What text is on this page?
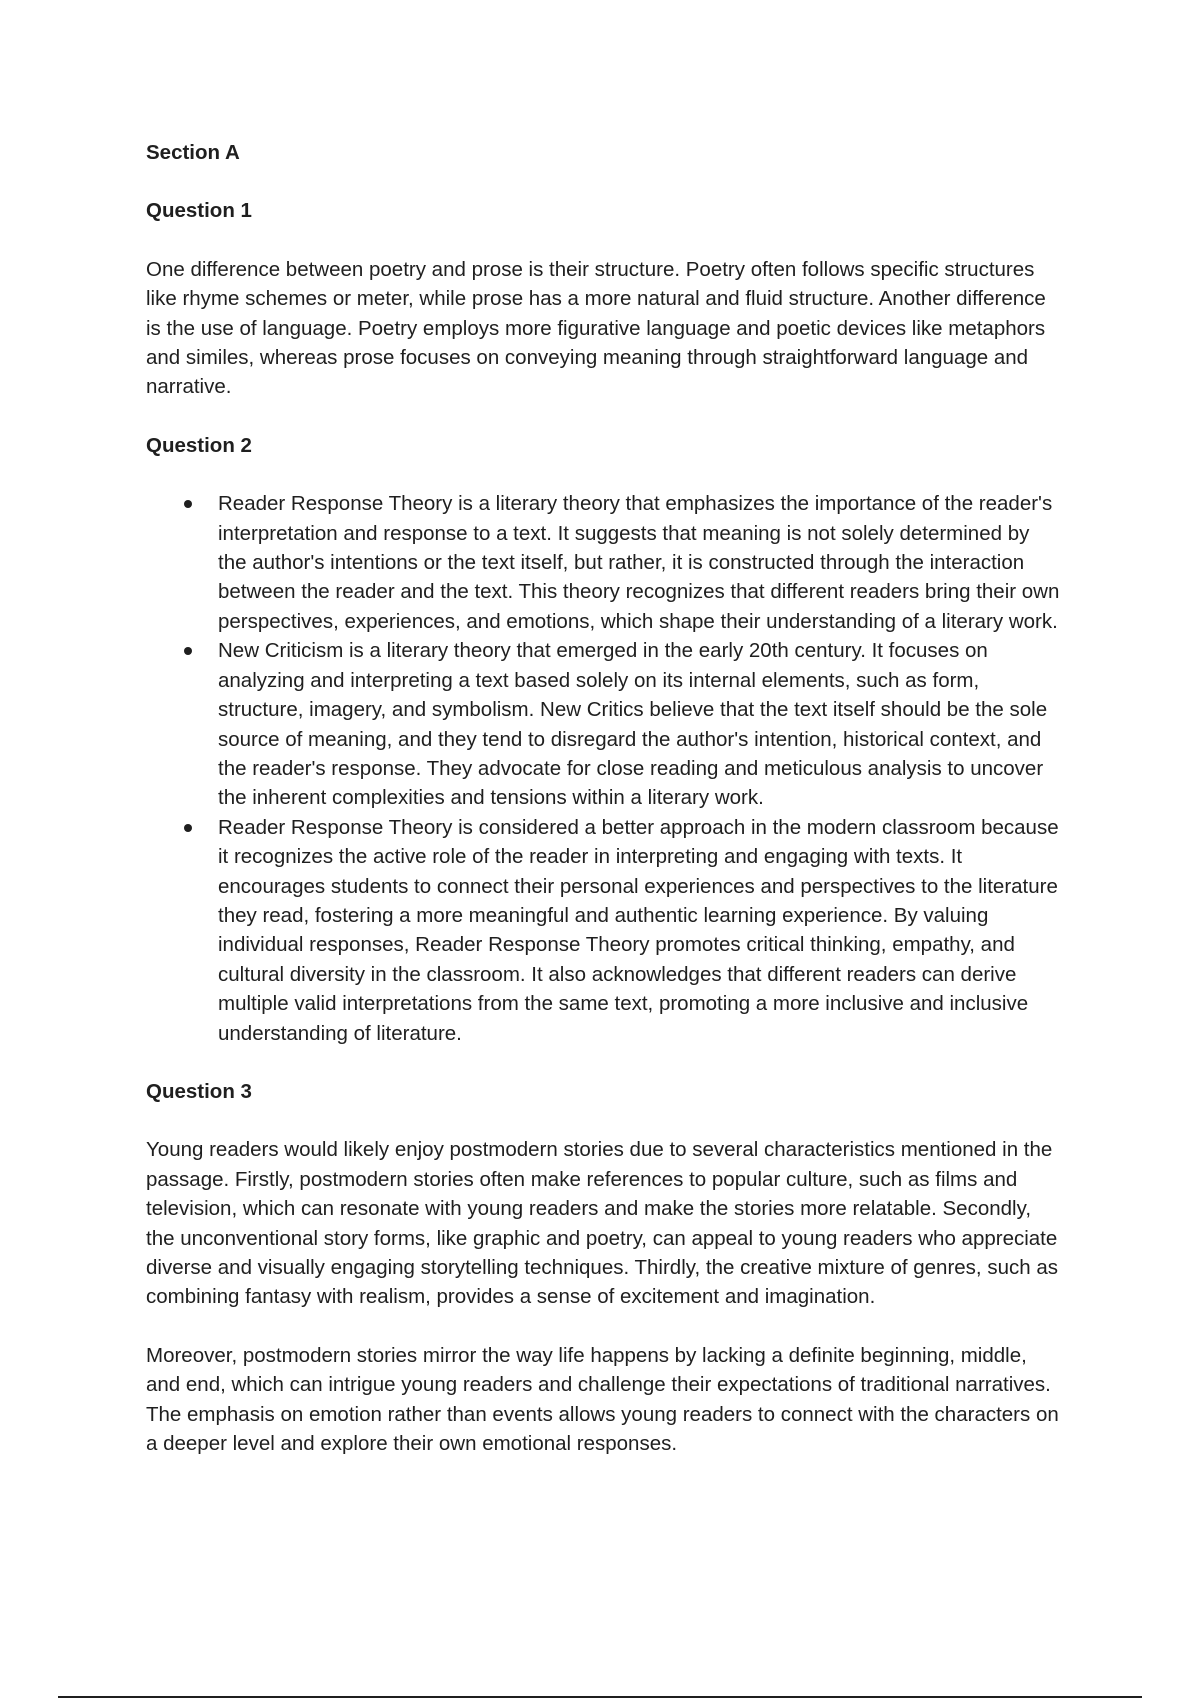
Section A
Question 1
One difference between poetry and prose is their structure. Poetry often follows specific structures like rhyme schemes or meter, while prose has a more natural and fluid structure. Another difference is the use of language. Poetry employs more figurative language and poetic devices like metaphors and similes, whereas prose focuses on conveying meaning through straightforward language and narrative.
Question 2
Reader Response Theory is a literary theory that emphasizes the importance of the reader's interpretation and response to a text. It suggests that meaning is not solely determined by the author's intentions or the text itself, but rather, it is constructed through the interaction between the reader and the text. This theory recognizes that different readers bring their own perspectives, experiences, and emotions, which shape their understanding of a literary work.
New Criticism is a literary theory that emerged in the early 20th century. It focuses on analyzing and interpreting a text based solely on its internal elements, such as form, structure, imagery, and symbolism. New Critics believe that the text itself should be the sole source of meaning, and they tend to disregard the author's intention, historical context, and the reader's response. They advocate for close reading and meticulous analysis to uncover the inherent complexities and tensions within a literary work.
Reader Response Theory is considered a better approach in the modern classroom because it recognizes the active role of the reader in interpreting and engaging with texts. It encourages students to connect their personal experiences and perspectives to the literature they read, fostering a more meaningful and authentic learning experience. By valuing individual responses, Reader Response Theory promotes critical thinking, empathy, and cultural diversity in the classroom. It also acknowledges that different readers can derive multiple valid interpretations from the same text, promoting a more inclusive and inclusive understanding of literature.
Question 3
Young readers would likely enjoy postmodern stories due to several characteristics mentioned in the passage. Firstly, postmodern stories often make references to popular culture, such as films and television, which can resonate with young readers and make the stories more relatable. Secondly, the unconventional story forms, like graphic and poetry, can appeal to young readers who appreciate diverse and visually engaging storytelling techniques. Thirdly, the creative mixture of genres, such as combining fantasy with realism, provides a sense of excitement and imagination.
Moreover, postmodern stories mirror the way life happens by lacking a definite beginning, middle, and end, which can intrigue young readers and challenge their expectations of traditional narratives. The emphasis on emotion rather than events allows young readers to connect with the characters on a deeper level and explore their own emotional responses.
